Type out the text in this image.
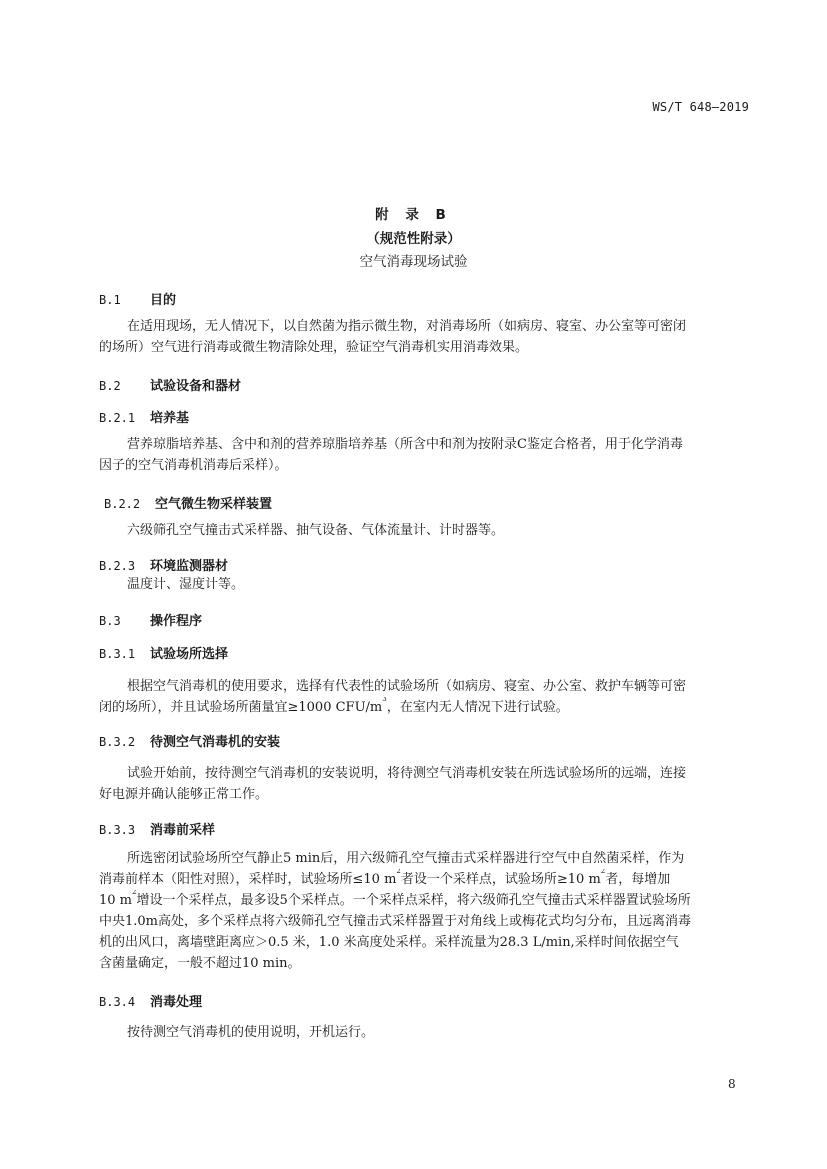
WS/T 648—2019
附 录 B
（规范性附录）
空气消毒现场试验
B.1 目的
在适用现场，无人情况下，以自然菌为指示微生物，对消毒场所（如病房、寝室、办公室等可密闭
的场所）空气进行消毒或微生物清除处理，验证空气消毒机实用消毒效果。
B.2 试验设备和器材
B.2.1 培养基
营养琼脂培养基、含中和剂的营养琼脂培养基（所含中和剂为按附录C鉴定合格者，用于化学消毒
因子的空气消毒机消毒后采样）。
B.2.2 空气微生物采样装置
六级筛孔空气撞击式采样器、抽气设备、气体流量计、计时器等。
B.2.3 环境监测器材
温度计、湿度计等。
B.3 操作程序
B.3.1 试验场所选择
根据空气消毒机的使用要求，选择有代表性的试验场所（如病房、寝室、办公室、救护车辆等可密
闭的场所），并且试验场所菌量宜≥1000 CFU/$m^3$，在室内无人情况下进行试验。
B.3.2 待测空气消毒机的安装
试验开始前，按待测空气消毒机的安装说明，将待测空气消毒机安装在所选试验场所的远端，连接
好电源并确认能够正常工作。
B.3.3 消毒前采样
所选密闭试验场所空气静止5 min后，用六级筛孔空气撞击式采样器进行空气中自然菌采样，作为
消毒前样本（阳性对照），采样时，试验场所≤10 $m^2$者设一个采样点，试验场所≥10 $m^2$者，每增加
10 $m^2$增设一个采样点，最多设5个采样点。一个采样点采样，将六级筛孔空气撞击式采样器置试验场所
中央1.0m高处，多个采样点将六级筛孔空气撞击式采样器置于对角线上或梅花式均匀分布，且远离消毒
机的出风口，离墙壁距离应＞0.5 米，1.0 米高度处采样。采样流量为28.3 L/min,采样时间依据空气
含菌量确定，一般不超过10 min。
B.3.4 消毒处理
按待测空气消毒机的使用说明，开机运行。
8
